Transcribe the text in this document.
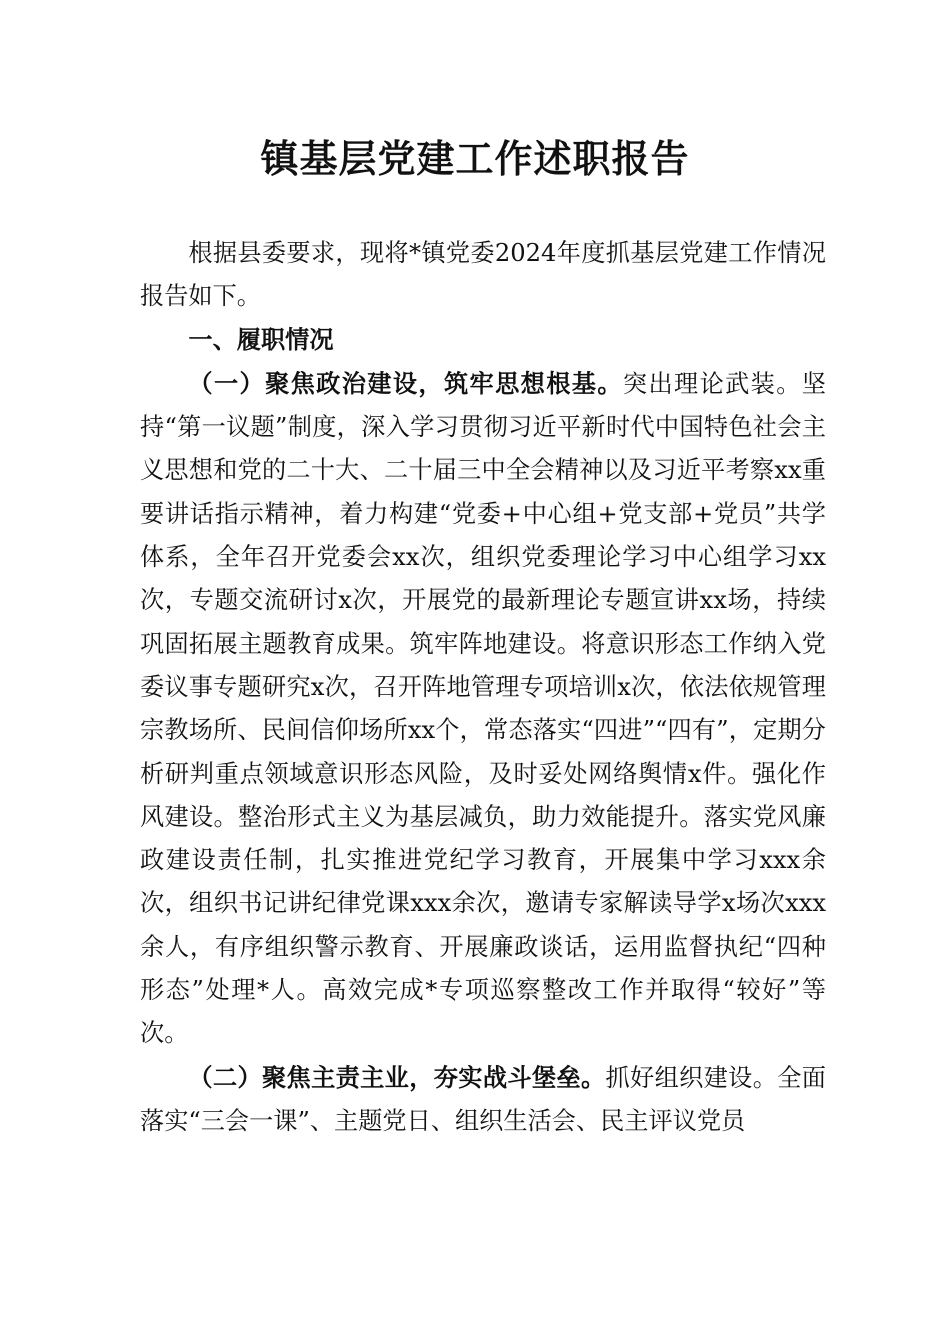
镇基层党建工作述职报告

根据县委要求，现将*镇党委2024年度抓基层党建工作情况报告如下。

一、履职情况

（一）聚焦政治建设，筑牢思想根基。突出理论武装。坚持“第一议题”制度，深入学习贯彻习近平新时代中国特色社会主义思想和党的二十大、二十届三中全会精神以及习近平考察xx重要讲话指示精神，着力构建“党委+中心组+党支部+党员”共学体系，全年召开党委会xx次，组织党委理论学习中心组学习xx次，专题交流研讨x次，开展党的最新理论专题宣讲xx场，持续巩固拓展主题教育成果。筑牢阵地建设。将意识形态工作纳入党委议事专题研究x次，召开阵地管理专项培训x次，依法依规管理宗教场所、民间信仰场所xx个，常态落实“四进”“四有”，定期分析研判重点领域意识形态风险，及时妥处网络舆情x件。强化作风建设。整治形式主义为基层减负，助力效能提升。落实党风廉政建设责任制，扎实推进党纪学习教育，开展集中学习xxx余次，组织书记讲纪律党课xxx余次，邀请专家解读导学x场次xxx余人，有序组织警示教育、开展廉政谈话，运用监督执纪“四种形态”处理*人。高效完成*专项巡察整改工作并取得“较好”等次。

（二）聚焦主责主业，夯实战斗堡垒。抓好组织建设。全面落实“三会一课”、主题党日、组织生活会、民主评议党员
